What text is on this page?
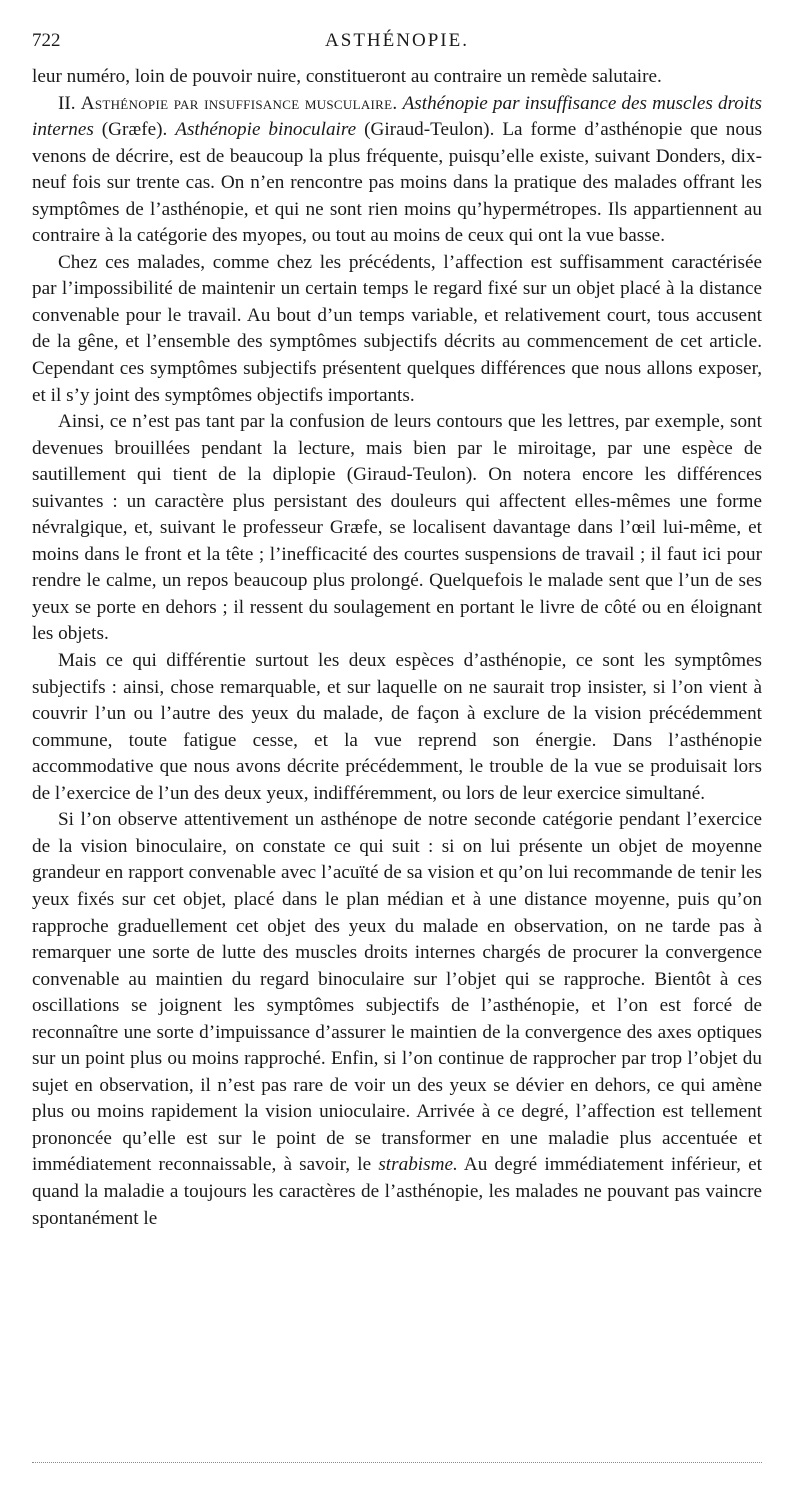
722	ASTHÉNOPIE.

leur numéro, loin de pouvoir nuire, constitueront au contraire un remède salutaire.

II. Asthénopie par insuffisance musculaire. Asthénopie par insuffisance des muscles droits internes (Græfe). Asthénopie binoculaire (Giraud-Teulon). La forme d’asthénopie que nous venons de décrire, est de beaucoup la plus fréquente, puisqu’elle existe, suivant Donders, dix-neuf fois sur trente cas. On n’en rencontre pas moins dans la pratique des malades offrant les symptômes de l’asthénopie, et qui ne sont rien moins qu’hypermétropes. Ils appartiennent au contraire à la catégorie des myopes, ou tout au moins de ceux qui ont la vue basse.

Chez ces malades, comme chez les précédents, l’affection est suffisamment caractérisée par l’impossibilité de maintenir un certain temps le regard fixé sur un objet placé à la distance convenable pour le travail. Au bout d’un temps variable, et relativement court, tous accusent de la gêne, et l’ensemble des symptômes subjectifs décrits au commencement de cet article. Cependant ces symptômes subjectifs présentent quelques différences que nous allons exposer, et il s’y joint des symptômes objectifs importants.

Ainsi, ce n’est pas tant par la confusion de leurs contours que les lettres, par exemple, sont devenues brouillées pendant la lecture, mais bien par le miroitage, par une espèce de sautillement qui tient de la diplopie (Giraud-Teulon). On notera encore les différences suivantes : un caractère plus persistant des douleurs qui affectent elles-mêmes une forme névralgique, et, suivant le professeur Græfe, se localisent davantage dans l’œil lui-même, et moins dans le front et la tête ; l’inefficacité des courtes suspensions de travail ; il faut ici pour rendre le calme, un repos beaucoup plus prolongé. Quelquefois le malade sent que l’un de ses yeux se porte en dehors ; il ressent du soulagement en portant le livre de côté ou en éloignant les objets.

Mais ce qui différentie surtout les deux espèces d’asthénopie, ce sont les symptômes subjectifs : ainsi, chose remarquable, et sur laquelle on ne saurait trop insister, si l’on vient à couvrir l’un ou l’autre des yeux du malade, de façon à exclure de la vision précédemment commune, toute fatigue cesse, et la vue reprend son énergie. Dans l’asthénopie accommodative que nous avons décrite précédemment, le trouble de la vue se produisait lors de l’exercice de l’un des deux yeux, indifféremment, ou lors de leur exercice simultané.

Si l’on observe attentivement un asthénope de notre seconde catégorie pendant l’exercice de la vision binoculaire, on constate ce qui suit : si on lui présente un objet de moyenne grandeur en rapport convenable avec l’acuïté de sa vision et qu’on lui recommande de tenir les yeux fixés sur cet objet, placé dans le plan médian et à une distance moyenne, puis qu’on rapproche graduellement cet objet des yeux du malade en observation, on ne tarde pas à remarquer une sorte de lutte des muscles droits internes chargés de procurer la convergence convenable au maintien du regard binoculaire sur l’objet qui se rapproche. Bientôt à ces oscillations se joignent les symptômes subjectifs de l’asthénopie, et l’on est forcé de reconnaître une sorte d’impuissance d’assurer le maintien de la convergence des axes optiques sur un point plus ou moins rapproché. Enfin, si l’on continue de rapprocher par trop l’objet du sujet en observation, il n’est pas rare de voir un des yeux se dévier en dehors, ce qui amène plus ou moins rapidement la vision unioculaire. Arrivée à ce degré, l’affection est tellement prononcée qu’elle est sur le point de se transformer en une maladie plus accentuée et immédiatement reconnaissable, à savoir, le strabisme. Au degré immédiatement inférieur, et quand la maladie a toujours les caractères de l’asthénopie, les malades ne pouvant pas vaincre spontanément le
